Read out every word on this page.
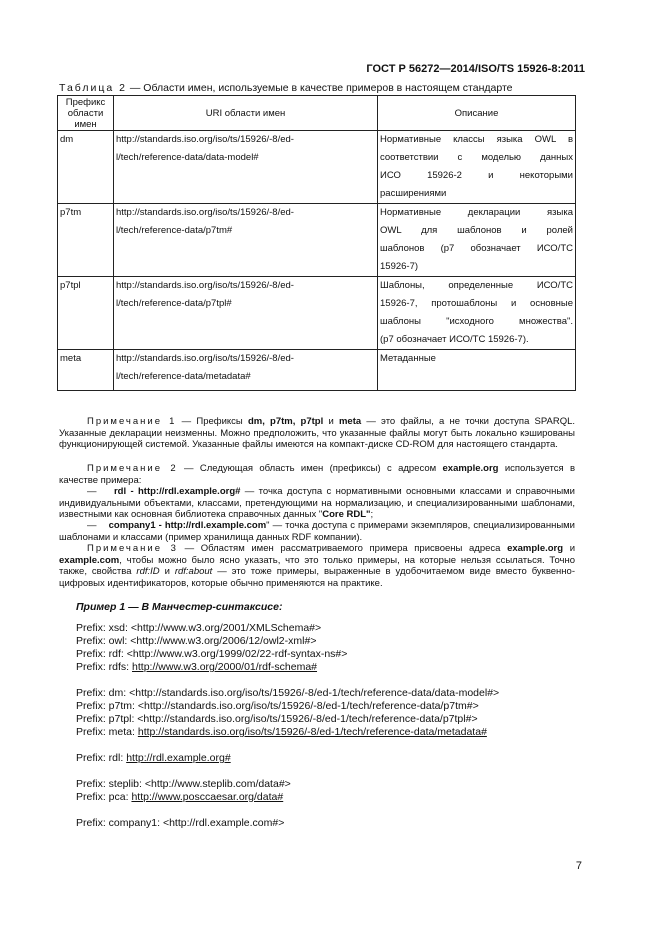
ГОСТ Р 56272—2014/ISO/TS 15926-8:2011
Таблица 2 — Области имен, используемые в качестве примеров в настоящем стандарте
Префикс области имен	URI области имен	Описание
dm	http://standards.iso.org/iso/ts/15926/-8/ed-
l/tech/reference-data/data-model#	Нормативные классы языка OWL в
соответствии с моделью данных
ИСО 15926-2 и некоторыми
расширениями

p7tm	http://standards.iso.org/iso/ts/15926/-8/ed-
l/tech/reference-data/p7tm#	Нормативные декларации языка
OWL для шаблонов и ролей
шаблонов (p7 обозначает ИСО/ТС
15926-7)

p7tpl	http://standards.iso.org/iso/ts/15926/-8/ed-
l/tech/reference-data/p7tpl#	Шаблоны, определенные ИСО/ТС
15926-7, протошаблоны и основные
шаблоны "исходного множества".
(p7 обозначает ИСО/ТС 15926-7).

meta	http://standards.iso.org/iso/ts/15926/-8/ed-
l/tech/reference-data/metadata#	Метаданные
Примечание 1 — Префиксы dm, p7tm, p7tpl и meta — это файлы, а не точки доступа SPARQL. Указанные декларации неизменны. Можно предположить, что указанные файлы могут быть локально кэшированы функционирующей системой. Указанные файлы имеются на компакт-диске CD-ROM для настоящего стандарта.
Примечание 2 — Следующая область имен (префиксы) с адресом example.org используется в качестве примера:
— rdl - http://rdl.example.org# — точка доступа с нормативными основными классами и справочными индивидуальными объектами, классами, претендующими на нормализацию, и специализированными шаблонами, известными как основная библиотека справочных данных "Core RDL";
— company1 - http://rdl.example.com" — точка доступа с примерами экземпляров, специализированными шаблонами и классами (пример хранилища данных RDF компании).
Примечание 3 — Областям имен рассматриваемого примера присвоены адреса example.org и example.com, чтобы можно было ясно указать, что это только примеры, на которые нельзя ссылаться. Точно также, свойства rdf:ID и rdf:about — это тоже примеры, выраженные в удобочитаемом виде вместо буквенно-цифровых идентификаторов, которые обычно применяются на практике.
Пример 1 — В Манчестер-синтаксисе:
Prefix: xsd: <http://www.w3.org/2001/XMLSchema#>
Prefix: owl: <http://www.w3.org/2006/12/owl2-xml#>
Prefix: rdf: <http://www.w3.org/1999/02/22-rdf-syntax-ns#>
Prefix: rdfs: http://www.w3.org/2000/01/rdf-schema#
Prefix: dm: <http://standards.iso.org/iso/ts/15926/-8/ed-1/tech/reference-data/data-model#>
Prefix: p7tm: <http://standards.iso.org/iso/ts/15926/-8/ed-1/tech/reference-data/p7tm#>
Prefix: p7tpl: <http://standards.iso.org/iso/ts/15926/-8/ed-1/tech/reference-data/p7tpl#>
Prefix: meta: http://standards.iso.org/iso/ts/15926/-8/ed-1/tech/reference-data/metadata#
Prefix: rdl: http://rdl.example.org#
Prefix: steplib: <http://www.steplib.com/data#>
Prefix: pca: http://www.posccaesar.org/data#
Prefix: company1: <http://rdl.example.com#>
7
